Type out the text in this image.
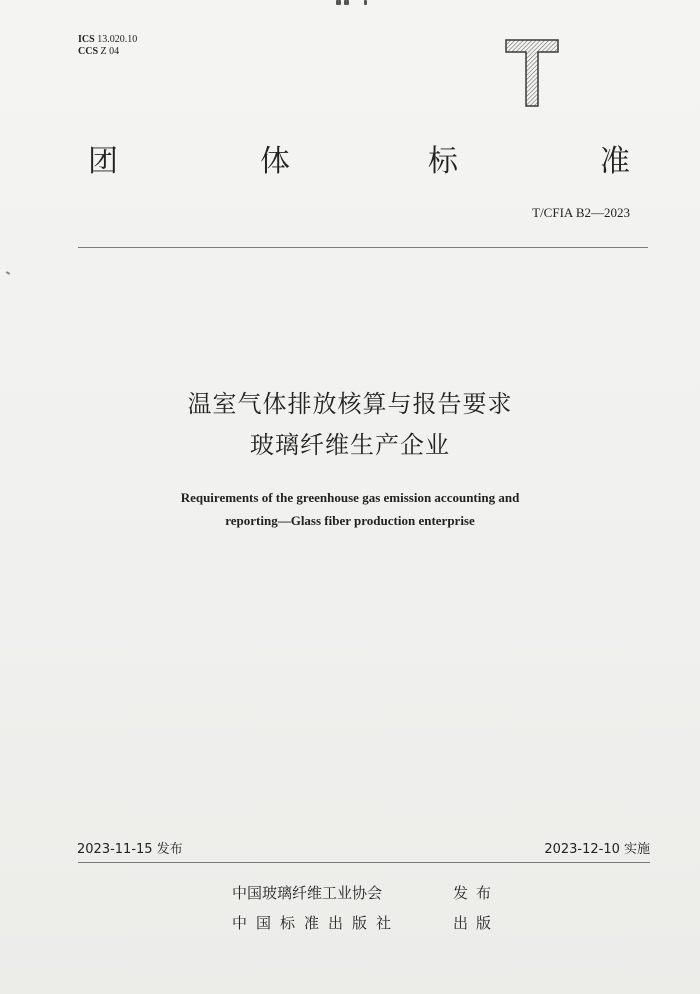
ICS 13.020.10
CCS Z 04
团	体	标	准
T/CFIA B2—2023
温室气体排放核算与报告要求
玻璃纤维生产企业
Requirements of the greenhouse gas emission accounting and
reporting—Glass fiber production enterprise
2023-11-15 发布	2023-12-10 实施
中国玻璃纤维工业协会	发布
中国标准出版社	出版
